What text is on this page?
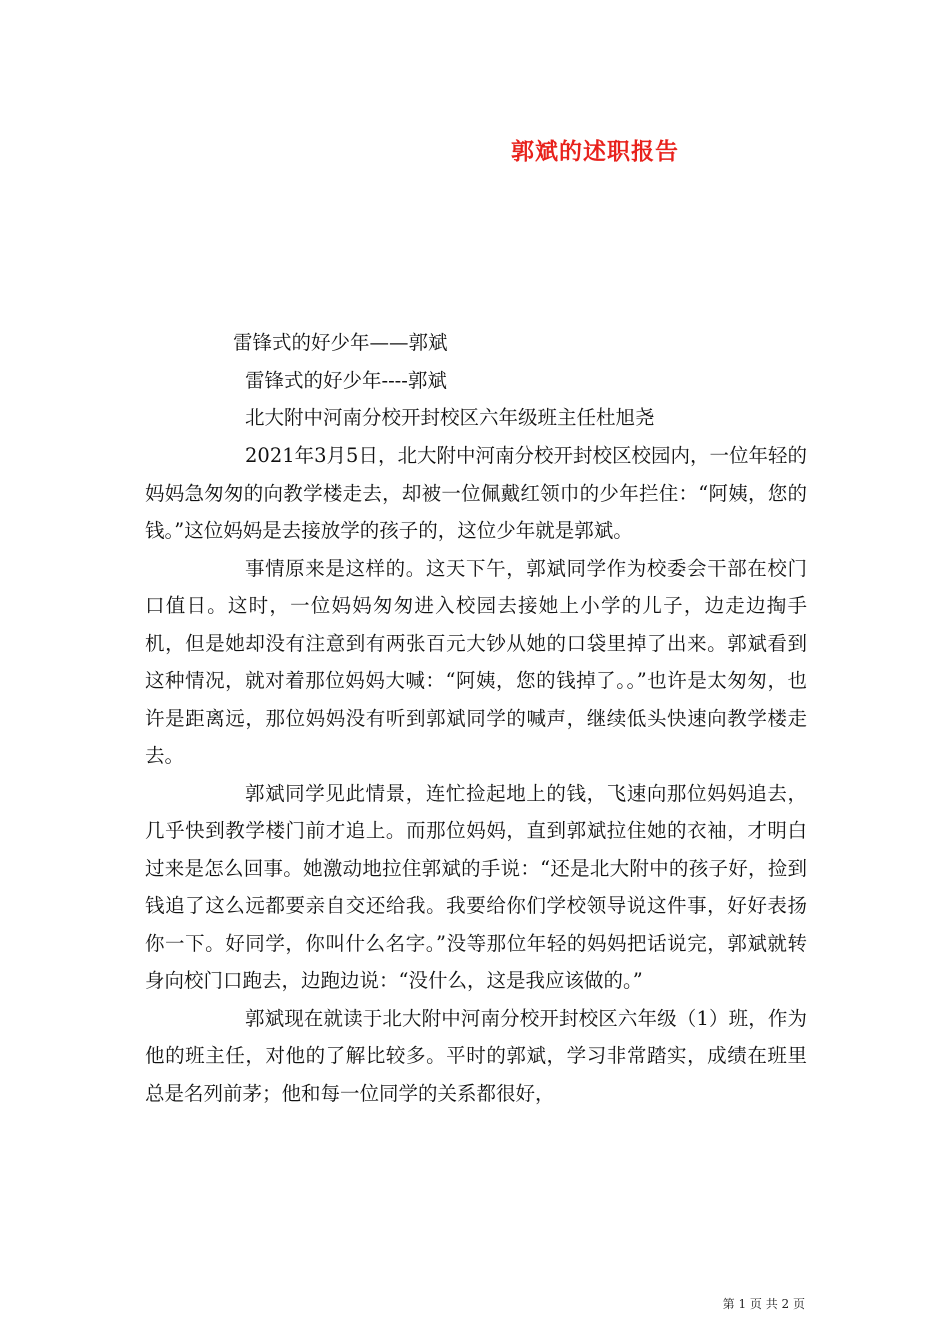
郭斌的述职报告
雷锋式的好少年——郭斌
雷锋式的好少年----郭斌
北大附中河南分校开封校区六年级班主任杜旭尧

2021年3月5日，北大附中河南分校开封校区校园内，一位年轻的妈妈急匆匆的向教学楼走去，却被一位佩戴红领巾的少年拦住：“阿姨，您的钱。”这位妈妈是去接放学的孩子的，这位少年就是郭斌。

事情原来是这样的。这天下午，郭斌同学作为校委会干部在校门口值日。这时，一位妈妈匆匆进入校园去接她上小学的儿子，边走边掏手机，但是她却没有注意到有两张百元大钞从她的口袋里掉了出来。郭斌看到这种情况，就对着那位妈妈大喊：“阿姨，您的钱掉了。。”也许是太匆匆，也许是距离远，那位妈妈没有听到郭斌同学的喊声，继续低头快速向教学楼走去。

郭斌同学见此情景，连忙捡起地上的钱，飞速向那位妈妈追去，几乎快到教学楼门前才追上。而那位妈妈，直到郭斌拉住她的衣袖，才明白过来是怎么回事。她激动地拉住郭斌的手说：“还是北大附中的孩子好，捡到钱追了这么远都要亲自交还给我。我要给你们学校领导说这件事，好好表扬你一下。好同学，你叫什么名字。”没等那位年轻的妈妈把话说完，郭斌就转身向校门口跑去，边跑边说：“没什么，这是我应该做的。”

郭斌现在就读于北大附中河南分校开封校区六年级（1）班，作为他的班主任，对他的了解比较多。平时的郭斌，学习非常踏实，成绩在班里总是名列前茅；他和每一位同学的关系都很好，

第 1 页 共 2 页
